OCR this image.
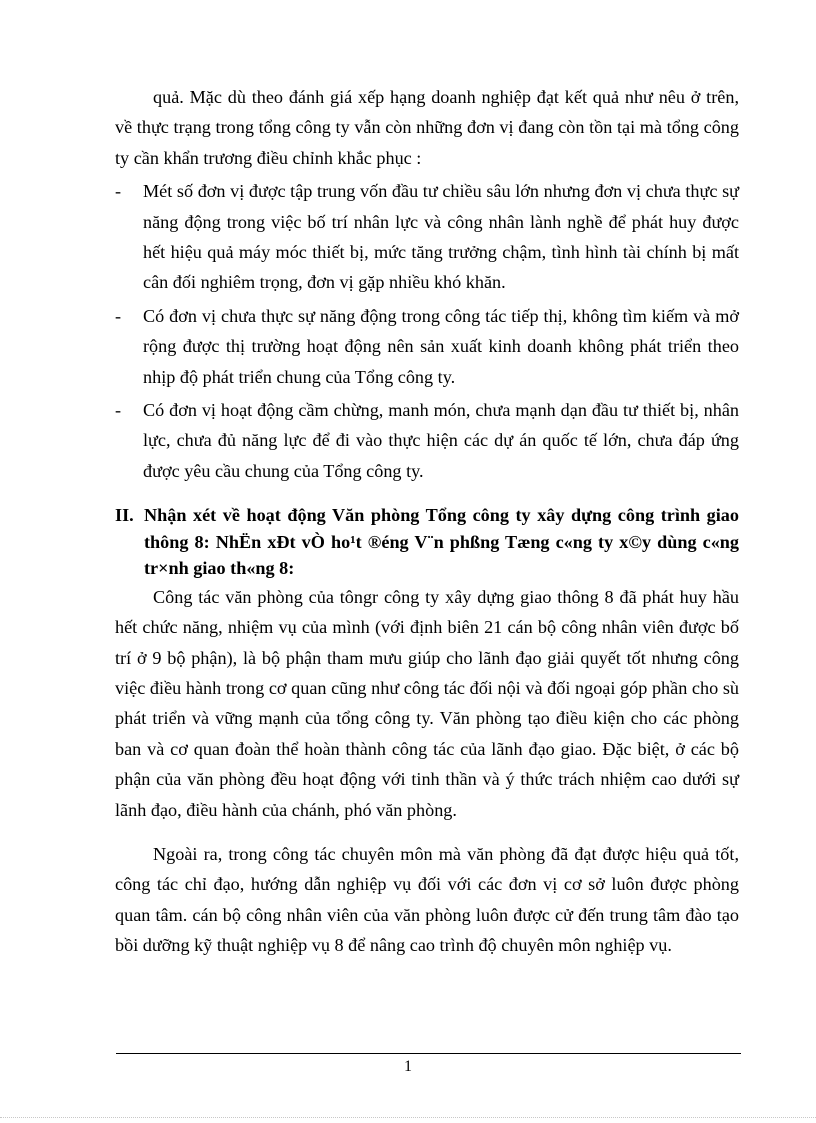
quả. Mặc dù theo đánh giá xếp hạng doanh nghiệp đạt kết quả như nêu ở trên, về thực trạng trong tổng công ty vẫn còn những đơn vị đang còn tồn tại mà tổng công ty cần khẩn trương điều chỉnh khắc phục :

- Mét số đơn vị được tập trung vốn đầu tư chiều sâu lớn nhưng đơn vị chưa thực sự năng động trong việc bố trí nhân lực và công nhân lành nghề để phát huy được hết hiệu quả máy móc thiết bị, mức tăng trưởng chậm, tình hình tài chính bị mất cân đối nghiêm trọng, đơn vị gặp nhiều khó khăn.

- Có đơn vị chưa thực sự năng động trong công tác tiếp thị, không tìm kiếm và mở rộng được thị trường hoạt động nên sản xuất kinh doanh không phát triển theo nhịp độ phát triển chung của Tổng công ty.

- Có đơn vị hoạt động cầm chừng, manh món, chưa mạnh dạn đầu tư thiết bị, nhân lực, chưa đủ năng lực để đi vào thực hiện các dự án quốc tế lớn, chưa đáp ứng được yêu cầu chung của Tổng công ty.

II. Nhận xét về hoạt động Văn phòng Tổng công ty xây dựng công trình giao thông 8: NhËn xÐt vÒ ho¹t ®éng V¨n phßng Tæng c«ng ty x©y dùng c«ng tr×nh giao th«ng 8:

Công tác văn phòng của tôngr công ty xây dựng giao thông 8 đã phát huy hầu hết chức năng, nhiệm vụ của mình (với định biên 21 cán bộ công nhân viên được bố trí ở 9 bộ phận), là bộ phận tham mưu giúp cho lãnh đạo giải quyết tốt nhưng công việc điều hành trong cơ quan cũng như công tác đối nội và đối ngoại góp phần cho sù phát triển và vững mạnh của tổng công ty. Văn phòng tạo điều kiện cho các phòng ban và cơ quan đoàn thể hoàn thành công tác của lãnh đạo giao. Đặc biệt, ở các bộ phận của văn phòng đều hoạt động với tinh thần và ý thức trách nhiệm cao dưới sự lãnh đạo, điều hành của chánh, phó văn phòng.

Ngoài ra, trong công tác chuyên môn mà văn phòng đã đạt được hiệu quả tốt, công tác chỉ đạo, hướng dẫn nghiệp vụ đối với các đơn vị cơ sở luôn được phòng quan tâm. cán bộ công nhân viên của văn phòng luôn được cử đến trung tâm đào tạo bồi dưỡng kỹ thuật nghiệp vụ 8 để nâng cao trình độ chuyên môn nghiệp vụ.

1
